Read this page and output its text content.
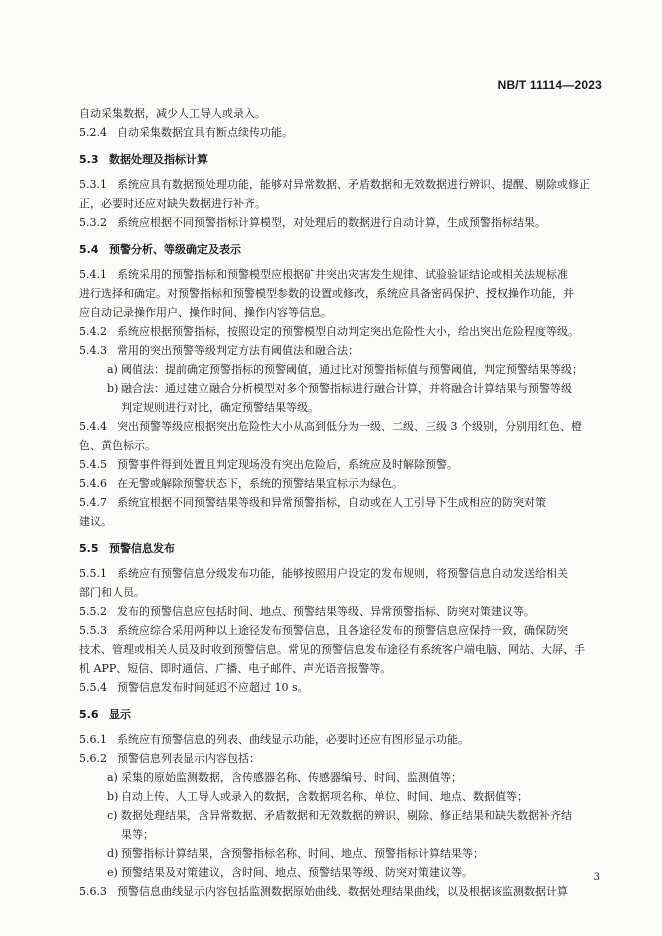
NB/T 11114—2023
自动采集数据，减少人工导人或录入。
5.2.4 自动采集数据宜具有断点续传功能。
5.3 数据处理及指标计算
5.3.1 系统应具有数据预处理功能，能够对异常数据、矛盾数据和无效数据进行辨识、提醒、剔除或修正
正，必要时还应对缺失数据进行补齐。
5.3.2 系统应根据不同预警指标计算模型，对处理后的数据进行自动计算，生成预警指标结果。
5.4 预警分析、等级确定及表示
5.4.1 系统采用的预警指标和预警模型应根据矿井突出灾害发生规律、试验验证结论或相关法规标准
进行选择和确定。对预警指标和预警模型参数的设置或修改，系统应具备密码保护、授权操作功能，并
应自动记录操作用户、操作时间、操作内容等信息。
5.4.2 系统应根据预警指标，按照设定的预警模型自动判定突出危险性大小，给出突出危险程度等级。
5.4.3 常用的突出预警等级判定方法有阈值法和融合法：
a) 阈值法：提前确定预警指标的预警阈值，通过比对预警指标值与预警阈值，判定预警结果等级；
b) 融合法：通过建立融合分析模型对多个预警指标进行融合计算，并将融合计算结果与预警等级
判定规则进行对比，确定预警结果等级。
5.4.4 突出预警等级应根据突出危险性大小从高到低分为一级、二级、三级 3 个级别，分别用红色、橙
色、黄色标示。
5.4.5 预警事件得到处置且判定现场没有突出危险后，系统应及时解除预警。
5.4.6 在无警或解除预警状态下，系统的预警结果宜标示为绿色。
5.4.7 系统宜根据不同预警结果等级和异常预警指标，自动或在人工引导下生成相应的防突对策
建议。
5.5 预警信息发布
5.5.1 系统应有预警信息分级发布功能，能够按照用户设定的发布规则，将预警信息自动发送给相关
部门和人员。
5.5.2 发布的预警信息应包括时间、地点、预警结果等级、异常预警指标、防突对策建议等。
5.5.3 系统应综合采用两种以上途径发布预警信息，且各途径发布的预警信息应保持一致，确保防突
技术、管理或相关人员及时收到预警信息。常见的预警信息发布途径有系统客户端电脑、网站、大屏、手
机 APP、短信、即时通信、广播、电子邮件、声光语音报警等。
5.5.4 预警信息发布时间延迟不应超过 10 s。
5.6 显示
5.6.1 系统应有预警信息的列表、曲线显示功能，必要时还应有图形显示功能。
5.6.2 预警信息列表显示内容包括：
a) 采集的原始监测数据，含传感器名称、传感器编号、时间、监测值等；
b) 自动上传、人工导人或录入的数据，含数据项名称、单位、时间、地点、数据值等；
c) 数据处理结果，含异常数据、矛盾数据和无效数据的辨识、剔除、修正结果和缺失数据补齐结
果等；
d) 预警指标计算结果，含预警指标名称、时间、地点、预警指标计算结果等；
e) 预警结果及对策建议，含时间、地点、预警结果等级、防突对策建议等。
5.6.3 预警信息曲线显示内容包括监测数据原始曲线、数据处理结果曲线，以及根据该监测数据计算
3
